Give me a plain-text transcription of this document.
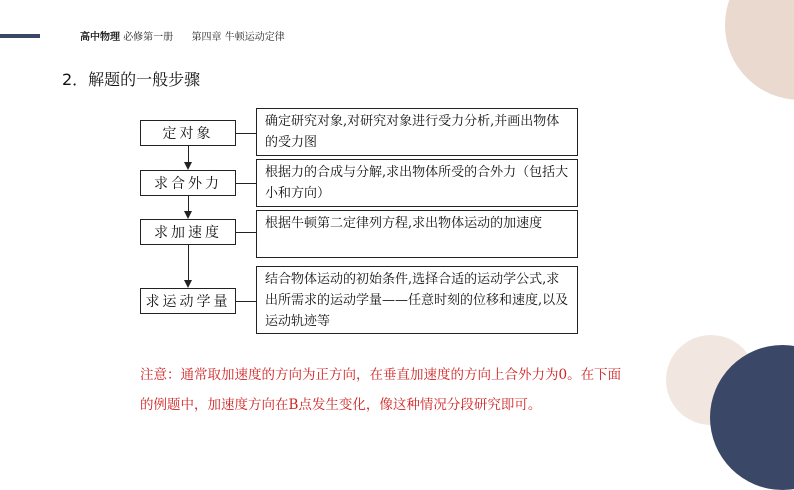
高中物理 必修第一册 第四章 牛顿运动定律
2．解题的一般步骤
定对象
求合外力
求加速度
求运动学量
确定研究对象,对研究对象进行受力分析,并画出物体的受力图
根据力的合成与分解,求出物体所受的合外力（包括大小和方向）
根据牛顿第二定律列方程,求出物体运动的加速度
结合物体运动的初始条件,选择合适的运动学公式,求出所需求的运动学量——任意时刻的位移和速度,以及运动轨迹等
注意：通常取加速度的方向为正方向，在垂直加速度的方向上合外力为0。在下面的例题中，加速度方向在B点发生变化，像这种情况分段研究即可。
